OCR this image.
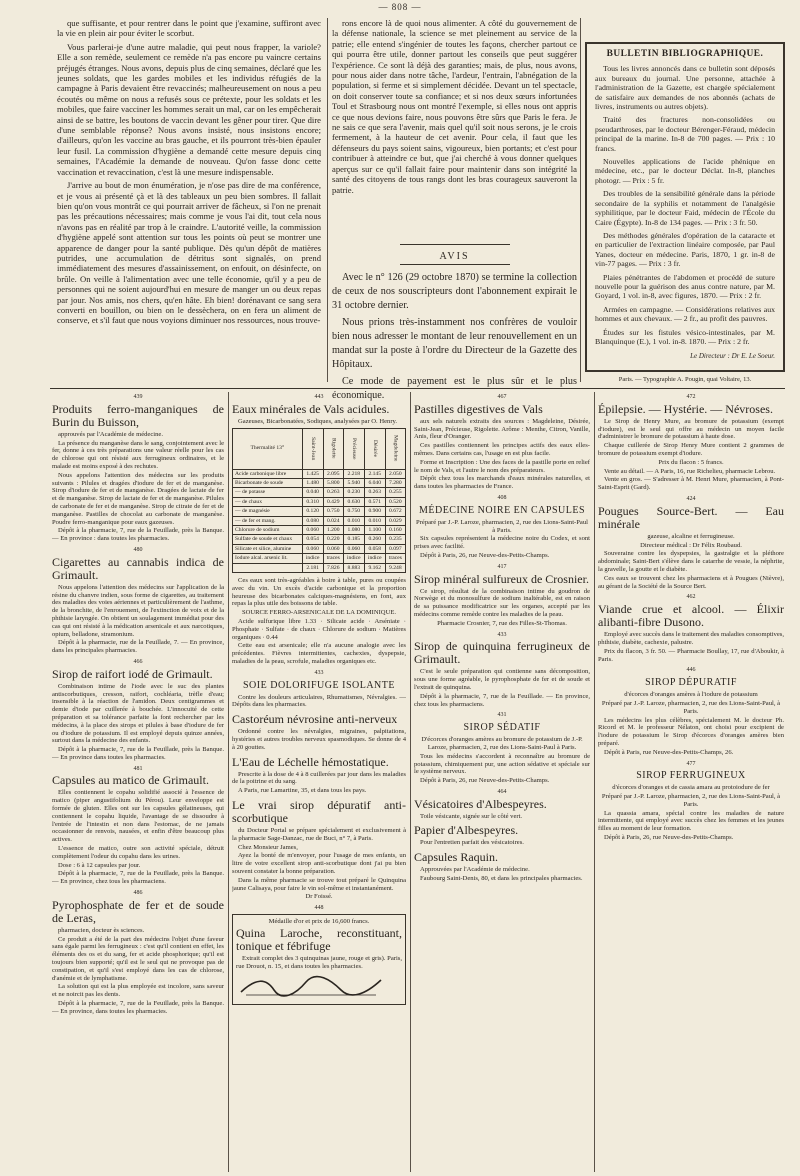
— 808 —

que suffisante, et pour rentrer dans le point que j'examine, suffiront avec la vie en plein air pour éviter le scorbut.

Vous parlerai-je d'une autre maladie, qui peut nous frapper, la variole? Elle a son remède, seulement ce remède n'a pas encore pu vaincre certains préjugés étranges. Nous avons, depuis plus de cinq semaines, déclaré que les jeunes soldats, que les gardes mobiles et les individus réfugiés de la campagne à Paris devaient être revaccinés; malheureusement on nous a peu écoutés ou même on nous a refusés sous ce prétexte, pour les soldats et les mobiles, que faire vacciner les hommes serait un mal, car on les empêcherait ainsi de se battre, les boutons de vaccin devant les gêner pour tirer. Que dire d'une semblable réponse? Nous avons insisté, nous insistons encore; d'ailleurs, qu'on les vaccine au bras gauche, et ils pourront très-bien épauler leur fusil. La commission d'hygiène a demandé cette mesure depuis cinq semaines, l'Académie la demande de nouveau. Qu'on fasse donc cette vaccination et revaccination, c'est là une mesure indispensable.

J'arrive au bout de mon énumération, je n'ose pas dire de ma conférence, et je vous ai présenté çà et là des tableaux un peu bien sombres. Il fallait bien qu'on vous montrât ce qui pourrait arriver de fâcheux, si l'on ne prenait pas les précautions nécessaires; mais comme je vous l'ai dit, tout cela nous n'avons pas en réalité par trop à le craindre. L'autorité veille, la commission d'hygiène appelé sont attention sur tous les points où peut se montrer une apparence de danger pour la santé publique. Dès qu'un dépôt de matières putrides, une accumulation de détritus sont signalés, on prend immédiatement des mesures d'assainissement, on enfouit, on désinfecte, on brûle. On veille à l'alimentation avec une telle économie, qu'il y a peu de personnes qui ne soient aujourd'hui en mesure de manger un ou deux repas par jour. Nos amis, nos chers, qu'en hâte. Eh bien! dorénavant ce sang sera converti en bouillon, ou bien on le dessèchera, on en fera un aliment de conserve, et s'il faut que nous voyions diminuer nos ressources, nous trouve-

rons encore là de quoi nous alimenter. A côté du gouvernement de la défense nationale, la science se met pleinement au service de la patrie; elle entend s'ingénier de toutes les façons, chercher partout ce qui pourra être utile, donner partout les conseils que peut suggérer l'expérience. Ce sont là déjà des garanties; mais, de plus, nous avons, pour nous aider dans notre tâche, l'ardeur, l'entrain, l'abnégation de la population, si ferme et si simplement décidée. Devant un tel spectacle, on doit conserver toute sa confiance; et si nos deux sœurs infortunées Toul et Strasbourg nous ont montré l'exemple, si elles nous ont appris ce que nous devions faire, nous pouvons être sûrs que Paris le fera. Je ne sais ce que sera l'avenir, mais quel qu'il soit nous serons, je le crois fermement, à la hauteur de cet avenir. Pour cela, il faut que les défenseurs du pays soient sains, vigoureux, bien portants; et c'est pour contribuer à atteindre ce but, que j'ai cherché à vous donner quelques aperçus sur ce qu'il fallait faire pour maintenir dans son intégrité la santé des citoyens de tous rangs dont les bras courageux sauveront la patrie.

AVIS

Avec le n° 126 (29 octobre 1870) se termine la collection de ceux de nos souscripteurs dont l'abonnement expirait le 31 octobre dernier.

Nous prions très-instamment nos confrères de vouloir bien nous adresser le montant de leur renouvellement en un mandat sur la poste à l'ordre du Directeur de la Gazette des Hôpitaux.

Ce mode de payement est le plus sûr et le plus économique.

BULLETIN BIBLIOGRAPHIQUE.

Tous les livres annoncés dans ce bulletin sont déposés aux bureaux du journal. Une personne, attachée à l'administration de la Gazette, est chargée spécialement de satisfaire aux demandes de nos abonnés (achats de livres, instruments ou autres objets).

Traité des fractures non-consolidées ou pseudarthroses, par le docteur Bérenger-Féraud, médecin principal de la marine. In-8 de 700 pages. — Prix : 10 francs.

Nouvelles applications de l'acide phénique en médecine, etc., par le docteur Déclat. In-8, planches photogr. — Prix : 5 fr.

Des troubles de la sensibilité générale dans la période secondaire de la syphilis et notamment de l'analgésie syphilitique, par le docteur Faid, médecin de l'École du Caire (Égypte). In-8 de 134 pages. — Prix : 3 fr. 50.

Des méthodes générales d'opération de la cataracte et en particulier de l'extraction linéaire composée, par Paul Yanes, docteur en médecine. Paris, 1870, 1 gr. in-8 de vin-77 pages. — Prix : 3 fr.

Plaies pénétrantes de l'abdomen et procédé de suture nouvelle pour la guérison des anus contre nature, par M. Goyard, 1 vol. in-8, avec figures, 1870. — Prix : 2 fr.

Armées en campagne. — Considérations relatives aux hommes et aux chevaux. — 2 fr., au profit des pauvres.

Études sur les fistules vésico-intestinales, par M. Blanquinque (E.), 1 vol. in-8. 1870. — Prix : 2 fr.

Le Directeur : Dr E. Le Soeur.
Paris. — Typographie A. Pougin, quai Voltaire, 13.
439
Produits ferro-manganiques de Burin du Buisson,

approuvés par l'Académie de médecine.

La présence du manganèse dans le sang, conjointement avec le fer, donne à ces très préparations une valeur réelle pour les cas de chlorose qui ont résisté aux ferrugineux ordinaires, et le malade est moins exposé à des rechutes.

Nous appelons l'attention des médecins sur les produits suivants : Pilules et dragées d'iodure de fer et de manganèse. Sirop d'iodure de fer et de manganèse. Dragées de lactate de fer et de manganèse. Sirop de lactate de fer et de manganèse. Pilules de carbonate de fer et de manganèse. Sirop de citrate de fer et de manganèse. Pastilles de chocolat au carbonate de manganèse. Poudre ferro-manganique pour eaux gazeuses.

Dépôt à la pharmacie, 7, rue de la Feuillade, près la Banque. — En province : dans toutes les pharmacies.

480
Cigarettes au cannabis indica de Grimault.

Nous appelons l'attention des médecins sur l'application de la résine du chanvre indien, sous forme de cigarettes, au traitement des maladies des voies aériennes et particulièrement de l'asthme, de la bronchite, de l'enrouement, de l'extinction de voix et de la phthisie laryngée. On obtient un soulagement immédiat pour des cas qui ont résisté à la médication arsenicale et aux narcotiques, opium, belladone, stramonium.

Dépôt à la pharmacie, rue de la Feuillade, 7. — En province, dans les principales pharmacies.

466
Sirop de raifort iodé de Grimault.

Combinaison intime de l'iode avec le suc des plantes antiscorbutiques, cresson, raifort, cochléaria, trèfle d'eau; insensible à la réaction de l'amidon. Deux centigrammes et demie d'iode par cuillerée à bouchée. L'innocuité de cette préparation et sa tolérance parfaite la font rechercher par les médecins, à la place des sirops et pilules à base d'iodure de fer ou d'iodure de potassium. Il est employé depuis quinze années, surtout dans la médecine des enfants.

Dépôt à la pharmacie, 7, rue de la Feuillade, près la Banque. — En province dans toutes les pharmacies.

481
Capsules au matico de Grimault.

Elles contiennent le copahu solidifié associé à l'essence de matico (piper angustifolium du Pérou). Leur enveloppe est formée de gluten. Elles ont sur les capsules gélatineuses, qui contiennent le copahu liquide, l'avantage de se dissoudre à l'entrée de l'intestin et non dans l'estomac, de ne jamais occasionner de renvois, nausées, et enfin d'être beaucoup plus actives.

L'essence de matico, outre son activité spéciale, détruit complètement l'odeur du copahu dans les urines.

Dose : 6 à 12 capsules par jour.

Dépôt à la pharmacie, 7, rue de la Feuillade, près la Banque. — En province, chez tous les pharmaciens.

486
Pyrophosphate de fer et de soude de Leras,

pharmacien, docteur ès sciences.

Ce produit a été de la part des médecins l'objet d'une faveur sans égale parmi les ferrugineux : c'est qu'il contient en effet, les éléments des os et du sang, fer et acide phosphorique; qu'il est toujours bien supporté; qu'il est le seul qui ne provoque pas de constipation, et qu'il s'est employé dans les cas de chlorose, d'anémie et de lymphatisme.

La solution qui est la plus employée est incolore, sans saveur et ne noircit pas les dents.

Dépôt à la pharmacie, 7, rue de la Feuillade, près la Banque. — En province, dans toutes les pharmacies.

443
Eaux minérales de Vals acidules.

Gazeuses, Bicarbonatées, Sodiques, analysées par O. Henry.

Thermalité 13°	Saint-Jean	Rigolette	Précieuse	Désirée	Magdeleine
Acide carbonique libre	1.425	2.095	2.218	2.145	2.050
Bicarbonate de soude	1.480	5.800	5.940	6.040	7.280
— de potasse	0.040	0.263	0.230	0.263	0.255
— de chaux	0.310	0.429	0.630	0.571	0.520
— de magnésie	0.120	0.750	0.750	0.900	0.672
— de fer et mang.	0.080	0.024	0.010	0.010	0.029
Chlorure de sodium	0.060	1.200	1.080	1.100	0.160
Sulfate de soude et chaux	0.054	0.220	0.185	0.260	0.235
Silicate et silice, alumine	0.060	0.060	0.060	0.058	0.097
Iodure alcal. arsenic lit.	indice	traces	indice	indice	traces
	2.181	7.826	8.883	9.162	9.248

Ces eaux sont très-agréables à boire à table, pures ou coupées avec du vin. Un excès d'acide carbonique et la proportion heureuse des bicarbonates calciques-magnésiens, en font, aux repas la plus utile des boissons de table.

SOURCE FERRO-ARSENICALE DE LA DOMINIQUE.

Acide sulfurique libre 1.33 · Silicate acide · Arséniate · Phosphate · Sulfate · de chaux · Chlorure de sodium · Matières organiques · 0.44

Cette eau est arsenicale; elle n'a aucune analogie avec les précédentes. Fièvres intermittentes, cachexies, dyspepsie, maladies de la peau, scrofule, maladies organiques etc.

433
SOIE DOLORIFUGE ISOLANTE

Contre les douleurs articulaires, Rhumatismes, Névralgies. — Dépôts dans les pharmacies.

Castoréum névrosine anti-nerveux

Ordonné contre les névralgies, migraines, palpitations, hystéries et autres troubles nerveux spasmodiques. Se donne de 4 à 20 gouttes.

L'Eau de Léchelle hémostatique.

Prescrite à la dose de 4 à 8 cuillerées par jour dans les maladies de la poitrine et du sang.

A Paris, rue Lamartine, 35, et dans tous les pays.

Le vrai sirop dépuratif anti-scorbutique

du Docteur Portal se prépare spécialement et exclusivement à la pharmacie Sage-Danzac, rue de Buci, n° 7, à Paris.

Chez Monsieur James,

Ayez la bonté de m'envoyer, pour l'usage de mes enfants, un litre de votre excellent sirop anti-scorbutique dont j'ai pu bien souvent constater la bonne préparation.

Dans la même pharmacie se trouve tout préparé le Quinquina jaune Calisaya, pour faire le vin sol-même et instantanément.

Dr Foissé.

448

Médaille d'or et prix de 16,600 francs.

Quina Laroche, reconstituant, tonique et fébrifuge

Extrait complet des 3 quinquinas jaune, rouge et gris). Paris, rue Drouot, n. 15, et dans toutes les pharmacies.

467
Pastilles digestives de Vals

aux sels naturels extraits des sources : Magdeleine, Désirée, Saint-Jean, Précieuse, Rigolette. Arôme : Menthe, Citron, Vanille, Anis, fleur d'Oranger.

Ces pastilles contiennent les principes actifs des eaux elles-mêmes. Dans certains cas, l'usage en est plus facile.

Forme et Inscription : Une des faces de la pastille porte en relief le nom de Vals, et l'autre le nom des préparateurs.

Dépôt chez tous les marchands d'eaux minérales naturelles, et dans toutes les pharmacies de France.

408
MÉDECINE NOIRE EN CAPSULES

Préparé par J.-P. Laroze, pharmacien, 2, rue des Lions-Saint-Paul à Paris.

Six capsules représentent la médecine noire du Codex, et sont prises avec facilité.

Dépôt à Paris, 26, rue Neuve-des-Petits-Champs.

417
Sirop minéral sulfureux de Crosnier.

Ce sirop, résultat de la combinaison intime du goudron de Norwège et du monosulfure de sodium inaltérable, est en raison de sa puissance modificatrice sur les organes, accepté par les médecins comme remède contre les maladies de la peau.

Pharmacie Crosnier, 7, rue des Filles-St-Thomas.

433
Sirop de quinquina ferrugineux de Grimault.

C'est le seule préparation qui contienne sans décomposition, sous une forme agréable, le pyrophosphate de fer et de soude et l'extrait de quinquina.

Dépôt à la pharmacie, 7, rue de la Feuillade. — En province, chez tous les pharmaciens.

431
SIROP SÉDATIF

D'écorces d'oranges amères au bromure de potassium de J.-P. Laroze, pharmacien, 2, rue des Lions-Saint-Paul à Paris.

Tous les médecins s'accordent à reconnaître au bromure de potassium, chimiquement pur, une action sédative et spéciale sur le système nerveux.

Dépôt à Paris, 26, rue Neuve-des-Petits-Champs.

464
Vésicatoires d'Albespeyres.

Toile vésicante, signée sur le côté vert.

Papier d'Albespeyres.

Pour l'entretien parfait des vésicatoires.

Capsules Raquin.

Approuvées par l'Académie de médecine.

Faubourg Saint-Denis, 80, et dans les principales pharmacies.

472
Épilepsie. — Hystérie. — Névroses.

Le Sirop de Henry Mure, au bromure de potassium (exempt d'iodure), est le seul qui offre au médecin un moyen facile d'administrer le bromure de potassium à haute dose.

Chaque cuillerée de Sirop Henry Mure contient 2 grammes de bromure de potassium exempt d'iodure.

Prix du flacon : 5 francs.

Vente au détail. — A Paris, 16, rue Richelieu, pharmacie Lebrou.

Vente en gros. — S'adresser à M. Henri Mure, pharmacien, à Pont-Saint-Esprit (Gard).

424
Pougues Source-Bert. — Eau minérale

gazeuse, alcaline et ferrugineuse.

Directeur médical : Dr Félix Roubaud.

Souveraine contre les dyspepsies, la gastralgie et la pléthore abdominale; Saint-Bert s'élève dans le catarrhe de vessie, la néphrite, la gravelle, la goutte et le diabète.

Ces eaux se trouvent chez les pharmaciens et à Pougues (Nièvre), au gérant de la Société de la Source Bert.

462
Viande crue et alcool. — Élixir alibanti-fibre Dusono.

Employé avec succès dans le traitement des maladies consomptives, phthisie, diabète, cachexie, palustre.

Prix du flacon, 3 fr. 50. — Pharmacie Boullay, 17, rue d'Aboukir, à Paris.

446
SIROP DÉPURATIF

d'écorces d'oranges amères à l'iodure de potassium

Préparé par J.-P. Laroze, pharmacien, 2, rue des Lions-Saint-Paul, à Paris.

Les médecins les plus célèbres, spécialement M. le docteur Ph. Ricord et M. le professeur Nélaton, ont choisi pour excipient de l'iodure de potassium le Sirop d'écorces d'oranges amères bien préparé.

Dépôt à Paris, rue Neuve-des-Petits-Champs, 26.

477
SIROP FERRUGINEUX

d'écorces d'oranges et de cassia amara au protoiodure de fer

Préparé par J.-P. Laroze, pharmacien, 2, rue des Lions-Saint-Paul, à Paris.

La quassia amara, spécial contre les maladies de nature intermittente, qui employé avec succès chez les femmes et les jeunes filles au moment de leur formation.

Dépôt à Paris, 26, rue Neuve-des-Petits-Champs.
